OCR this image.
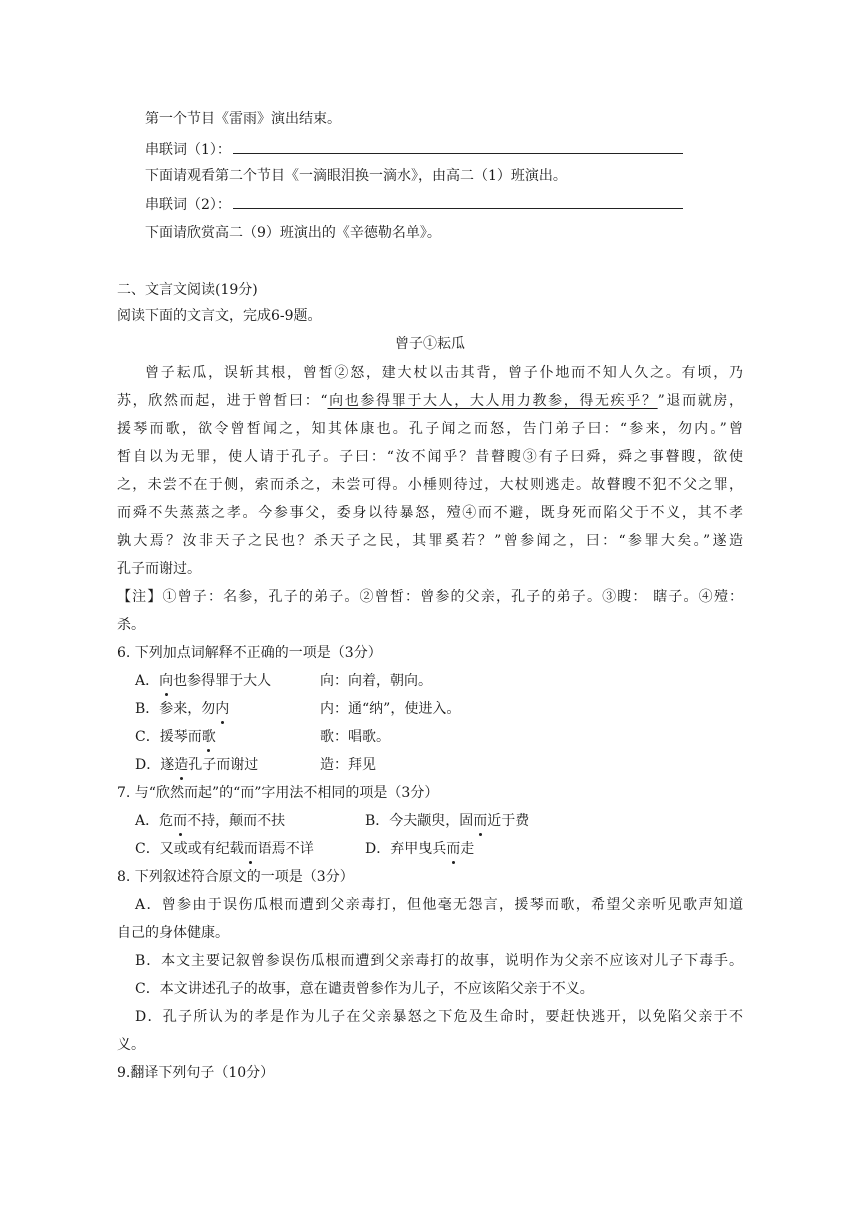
第一个节目《雷雨》演出结束。
串联词（1）：
下面请观看第二个节目《一滴眼泪换一滴水》，由高二（1）班演出。
串联词（2）：
下面请欣赏高二（9）班演出的《辛德勒名单》。
二、文言文阅读(19分)
阅读下面的文言文，完成6-9题。
曾子①耘瓜
曾子耘瓜，误斩其根，曾皙②怒，建大杖以击其背，曾子仆地而不知人久之。有顷，乃
苏，欣然而起，进于曾皙曰：“向也参得罪于大人，大人用力教参，得无疾乎？”退而就房，
援琴而歌，欲令曾皙闻之，知其体康也。孔子闻之而怒，告门弟子曰：“参来，勿内。”曾
皙自以为无罪，使人请于孔子。子曰：“汝不闻乎？昔瞽瞍③有子曰舜，舜之事瞽瞍，欲使
之，未尝不在于侧，索而杀之，未尝可得。小棰则待过，大杖则逃走。故瞽瞍不犯不父之罪，
而舜不失蒸蒸之孝。今参事父，委身以待暴怒，殪④而不避，既身死而陷父于不义，其不孝
孰大焉？汝非天子之民也？杀天子之民，其罪奚若？”曾参闻之，曰：“参罪大矣。”遂造
孔子而谢过。
【注】①曾子：名参，孔子的弟子。②曾皙：曾参的父亲，孔子的弟子。③瞍： 瞎子。④殪：
杀。
6. 下列加点词解释不正确的一项是（3分）
A．向也参得罪于大人	向：向着，朝向。
B．参来，勿内	内：通“纳”，使进入。
C．援琴而歌	歌：唱歌。
D．遂造孔子而谢过	造：拜见
7. 与“欣然而起”的“而”字用法不相同的项是（3分）
A．危而不持，颠而不扶	B．今夫颛臾，固而近于费
C．又或或有纪载而语焉不详	D．弃甲曳兵而走
8. 下列叙述符合原文的一项是（3分）
A．曾参由于误伤瓜根而遭到父亲毒打，但他毫无怨言，援琴而歌，希望父亲听见歌声知道
自己的身体健康。
B．本文主要记叙曾参误伤瓜根而遭到父亲毒打的故事，说明作为父亲不应该对儿子下毒手。
C．本文讲述孔子的故事，意在谴责曾参作为儿子，不应该陷父亲于不义。
D．孔子所认为的孝是作为儿子在父亲暴怒之下危及生命时，要赶快逃开，以免陷父亲于不
义。
9.翻译下列句子（10分）
